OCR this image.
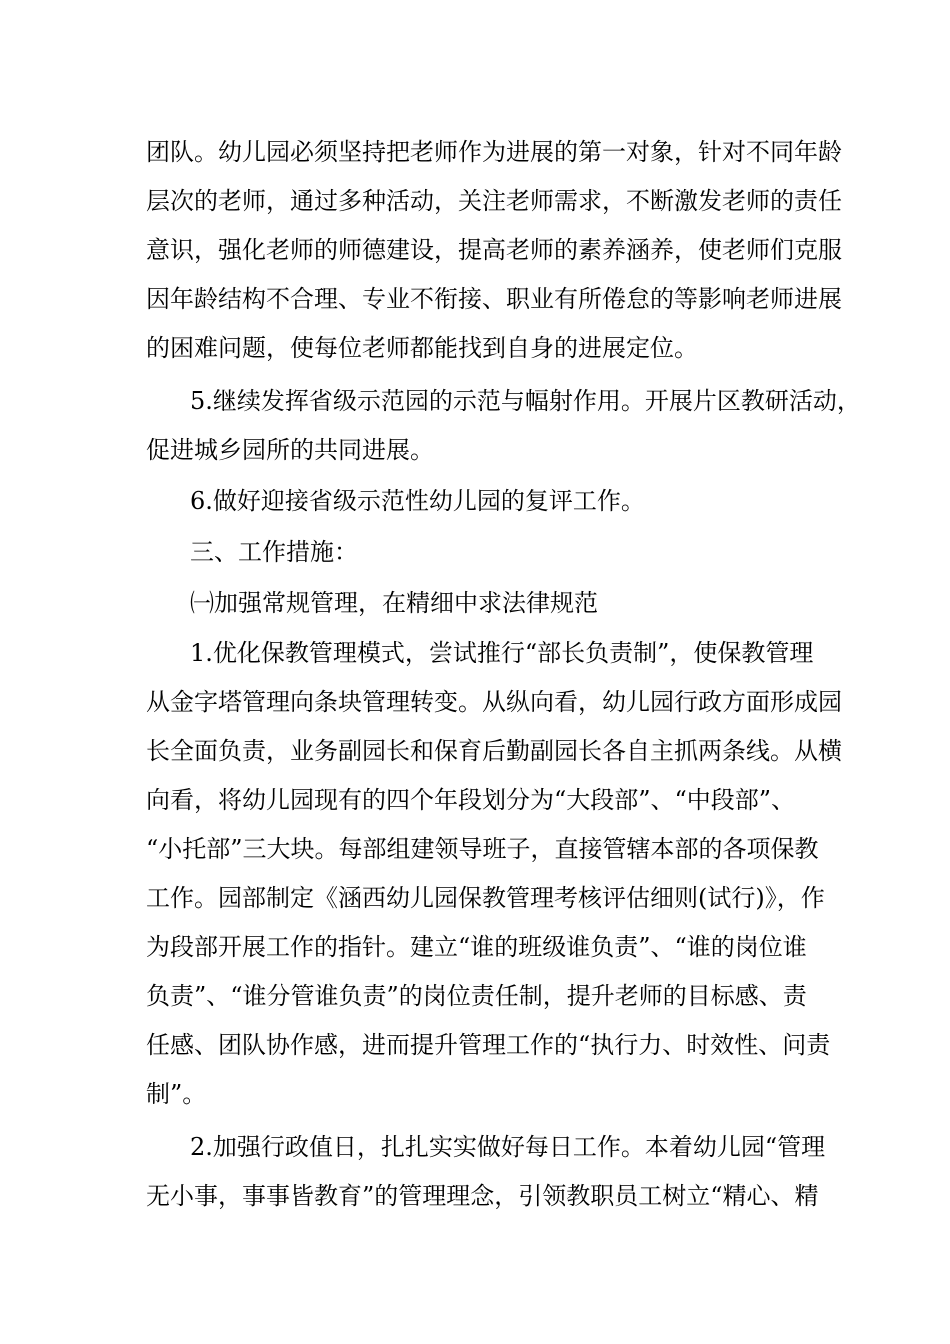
团队。幼儿园必须坚持把老师作为进展的第一对象，针对不同年龄
层次的老师，通过多种活动，关注老师需求，不断激发老师的责任
意识，强化老师的师德建设，提高老师的素养涵养，使老师们克服
因年龄结构不合理、专业不衔接、职业有所倦怠的等影响老师进展
的困难问题，使每位老师都能找到自身的进展定位。
5.继续发挥省级示范园的示范与幅射作用。开展片区教研活动，
促进城乡园所的共同进展。
6.做好迎接省级示范性幼儿园的复评工作。
三、工作措施：
㈠加强常规管理，在精细中求法律规范
1.优化保教管理模式，尝试推行“部长负责制”，使保教管理
从金字塔管理向条块管理转变。从纵向看，幼儿园行政方面形成园
长全面负责，业务副园长和保育后勤副园长各自主抓两条线。从横
向看，将幼儿园现有的四个年段划分为“大段部”、“中段部”、
“小托部”三大块。每部组建领导班子，直接管辖本部的各项保教
工作。园部制定《涵西幼儿园保教管理考核评估细则(试行)》，作
为段部开展工作的指针。建立“谁的班级谁负责”、“谁的岗位谁
负责”、“谁分管谁负责”的岗位责任制，提升老师的目标感、责
任感、团队协作感，进而提升管理工作的“执行力、时效性、问责
制”。
2.加强行政值日，扎扎实实做好每日工作。本着幼儿园“管理
无小事，事事皆教育”的管理理念，引领教职员工树立“精心、精
